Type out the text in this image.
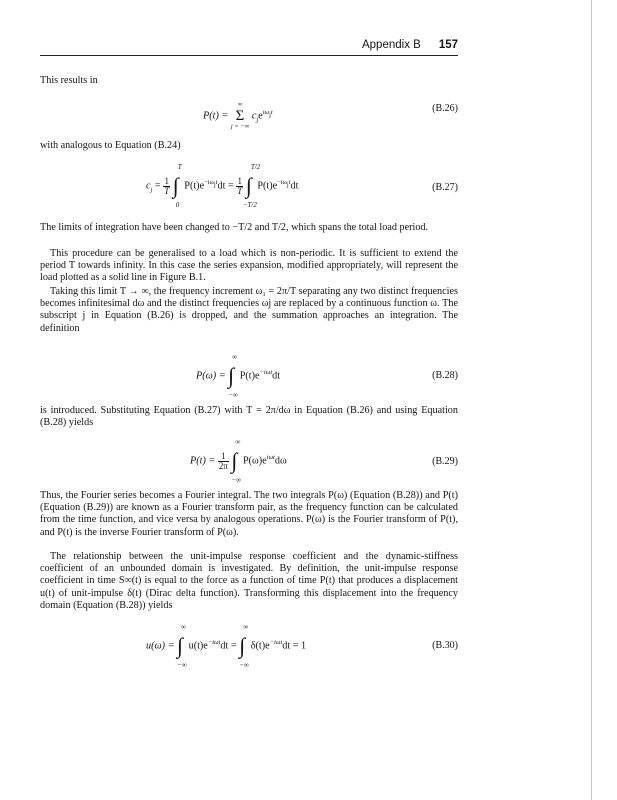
Appendix B 157
This results in
P(t) =
∞
Σ
j = −∞
$c_je^{i\omega_jt}$	(B.26)
with analogous to Equation (B.24)
$c_j = \frac{1}{T}$
∫
T
0
$P(t)e^{-i\omega_jt}dt = \frac{1}{T}$
∫
T/2
−T/2
$P(t)e^{-i\omega_jt}dt$	(B.27)
The limits of integration have been changed to −T/2 and T/2, which spans the total load period.
This procedure can be generalised to a load which is non-periodic. It is sufficient to extend the period T towards infinity. In this case the series expansion, modified appropriately, will represent the load plotted as a solid line in Figure B.1.
Taking this limit T → ∞, the frequency increment ω₁ = 2π/T separating any two distinct frequencies becomes infinitesimal dω and the distinct frequencies ωj are replaced by a continuous function ω. The subscript j in Equation (B.26) is dropped, and the summation approaches an integration. The definition
P(ω) = ∫
∞
−∞
$P(t)e^{-i\omega t}dt$	(B.28)
is introduced. Substituting Equation (B.27) with T = 2π/dω in Equation (B.26) and using Equation (B.28) yields
$P(t) = \frac{1}{2\pi}$
∫
∞
−∞
$P(\omega)e^{i\omega t}d\omega$	(B.29)
Thus, the Fourier series becomes a Fourier integral. The two integrals P(ω) (Equation (B.28)) and P(t) (Equation (B.29)) are known as a Fourier transform pair, as the frequency function can be calculated from the time function, and vice versa by analogous operations. P(ω) is the Fourier transform of P(t), and P(t) is the inverse Fourier transform of P(ω).
The relationship between the unit-impulse response coefficient and the dynamic-stiffness coefficient of an unbounded domain is investigated. By definition, the unit-impulse response coefficient in time S∞(t) is equal to the force as a function of time P(t) that produces a displacement u(t) of unit-impulse δ(t) (Dirac delta function). Transforming this displacement into the frequency domain (Equation (B.28)) yields
u(ω) = ∫
∞
−∞
$u(t)e^{-i\omega t}dt$ = ∫
∞
−∞
$\delta(t)e^{-i\omega t}dt = 1$	(B.30)
